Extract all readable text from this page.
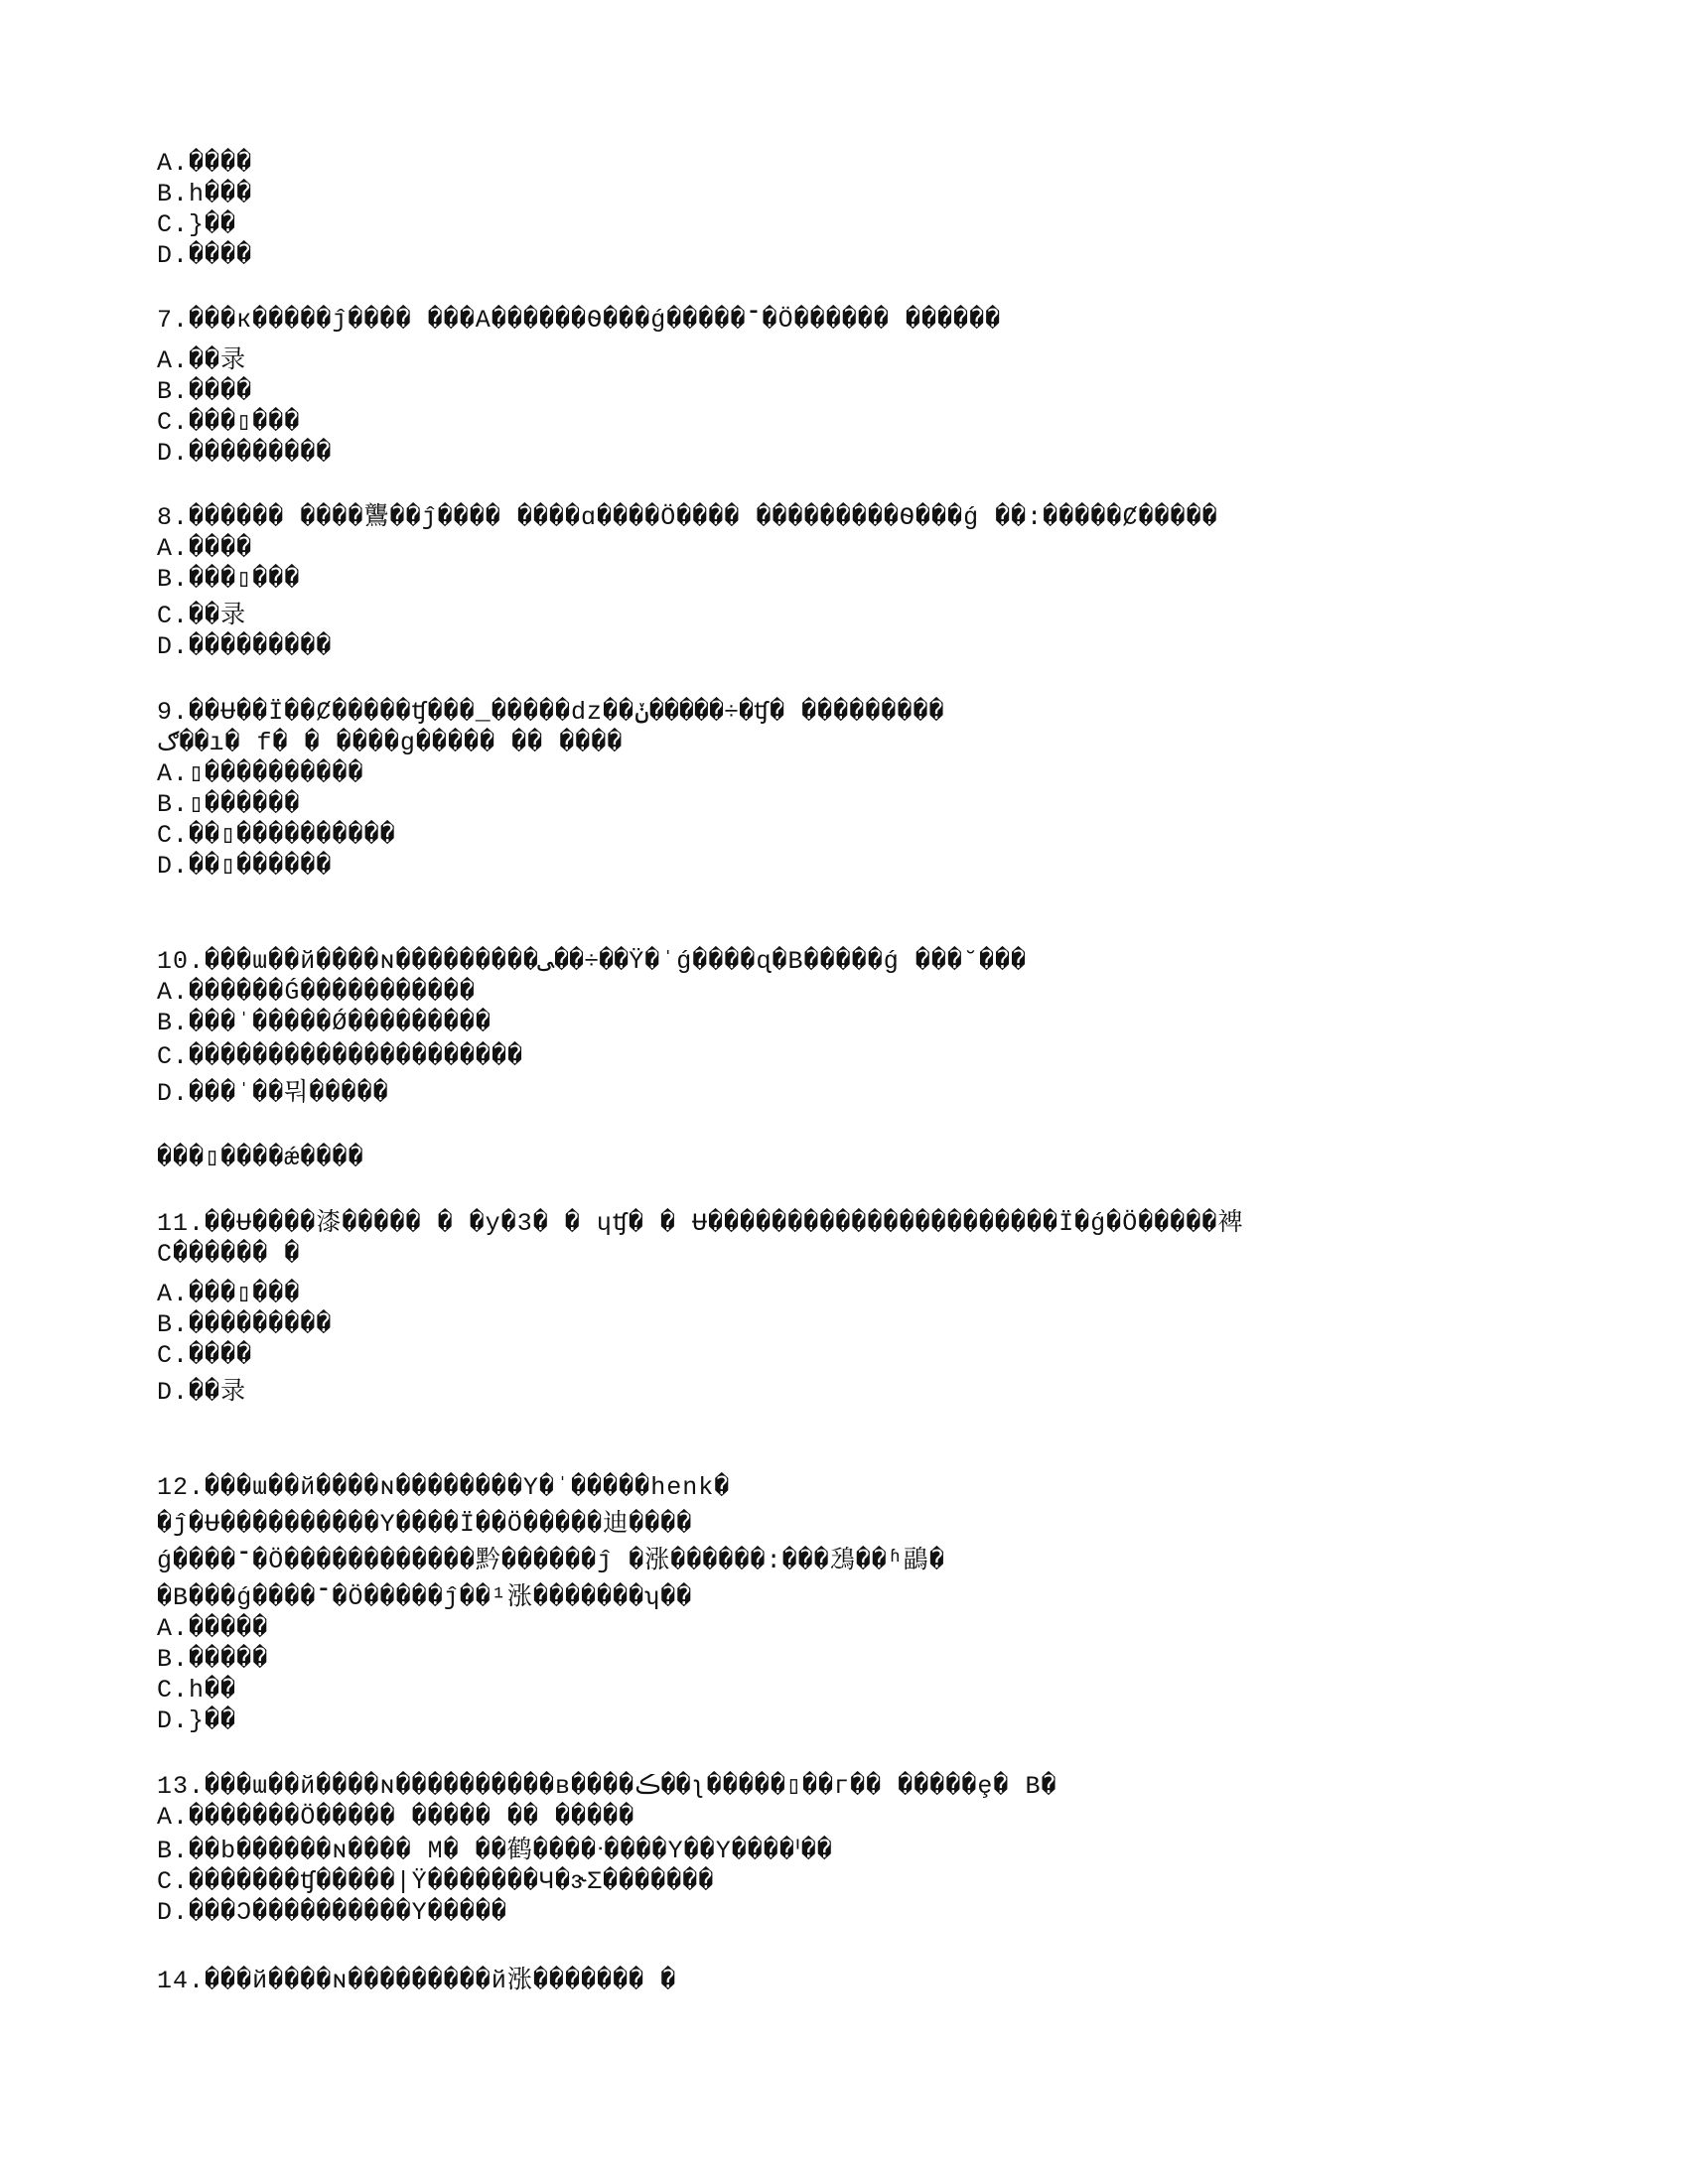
A.����
B.h���
C.}��
D.����
7.���к�����ĵ���� ���A������Ѳ���ǵ�����־�Ö������ ������
A.��录
B.����
C.���▯���
D.���������
8.������ ����鸗��ĵ���� ����ɑ����Ö���� ���������Ѳ���ǵ ��:�����Ȼ�����
A.����
B.���▯���
C.��录
D.���������
9.��Ʉ��Ï��Ȼ�����ʧ���_�����dz��ݩ�����÷�ʧ� ���������
ګ��ı� f� � ����ɡ����� �� ����
A.▯����������
B.▯������
C.��▯����������
D.��▯������
10.���ɯ��й����ɴ���������ﻰ��÷��Ÿ�ˈǵ����ɋ�B�����ǵ ���˘���
A.������Ǵ�����������
B.���ˈ�����Ǿ���������
C.���������������������
D.���ˈ��뭐�����
���▯����ǽ����
11.��Ʉ����漆����� � �у�3� � ɥʧ� � Ʉ����������������������Ï�ǵ�Ö�����裨
C������ �
A.���▯���
B.���������
C.����
D.��录
12.���ɯ��й����ɴ��������Y�ˈ�����henk�
�ĵ�Ʉ����������Y����Ï��Ö�����迪����
ǵ����־�Ö������������黔������ĵ �涨������:���鴔��ʱ鶝�
�B���ǵ����־�Ö�����ĵ��¹涨�������ʮ��
A.�����
B.�����
C.h��
D.}��
13.���ɯ��й����ɴ����������в����ڪ��ʅ�����▯��г�� �����ȩ� В�
A.�������Ö����� ����� �� �����
B.��b������ɴ���� М� ��鹤����ᐧ����Y��Y����ᑊ��
C.�������ʧ�����|Ÿ�������Ч�ɝΣ�������
D.���Ɔ����������Y�����
14.���й����ɴ���������й涨������� �
